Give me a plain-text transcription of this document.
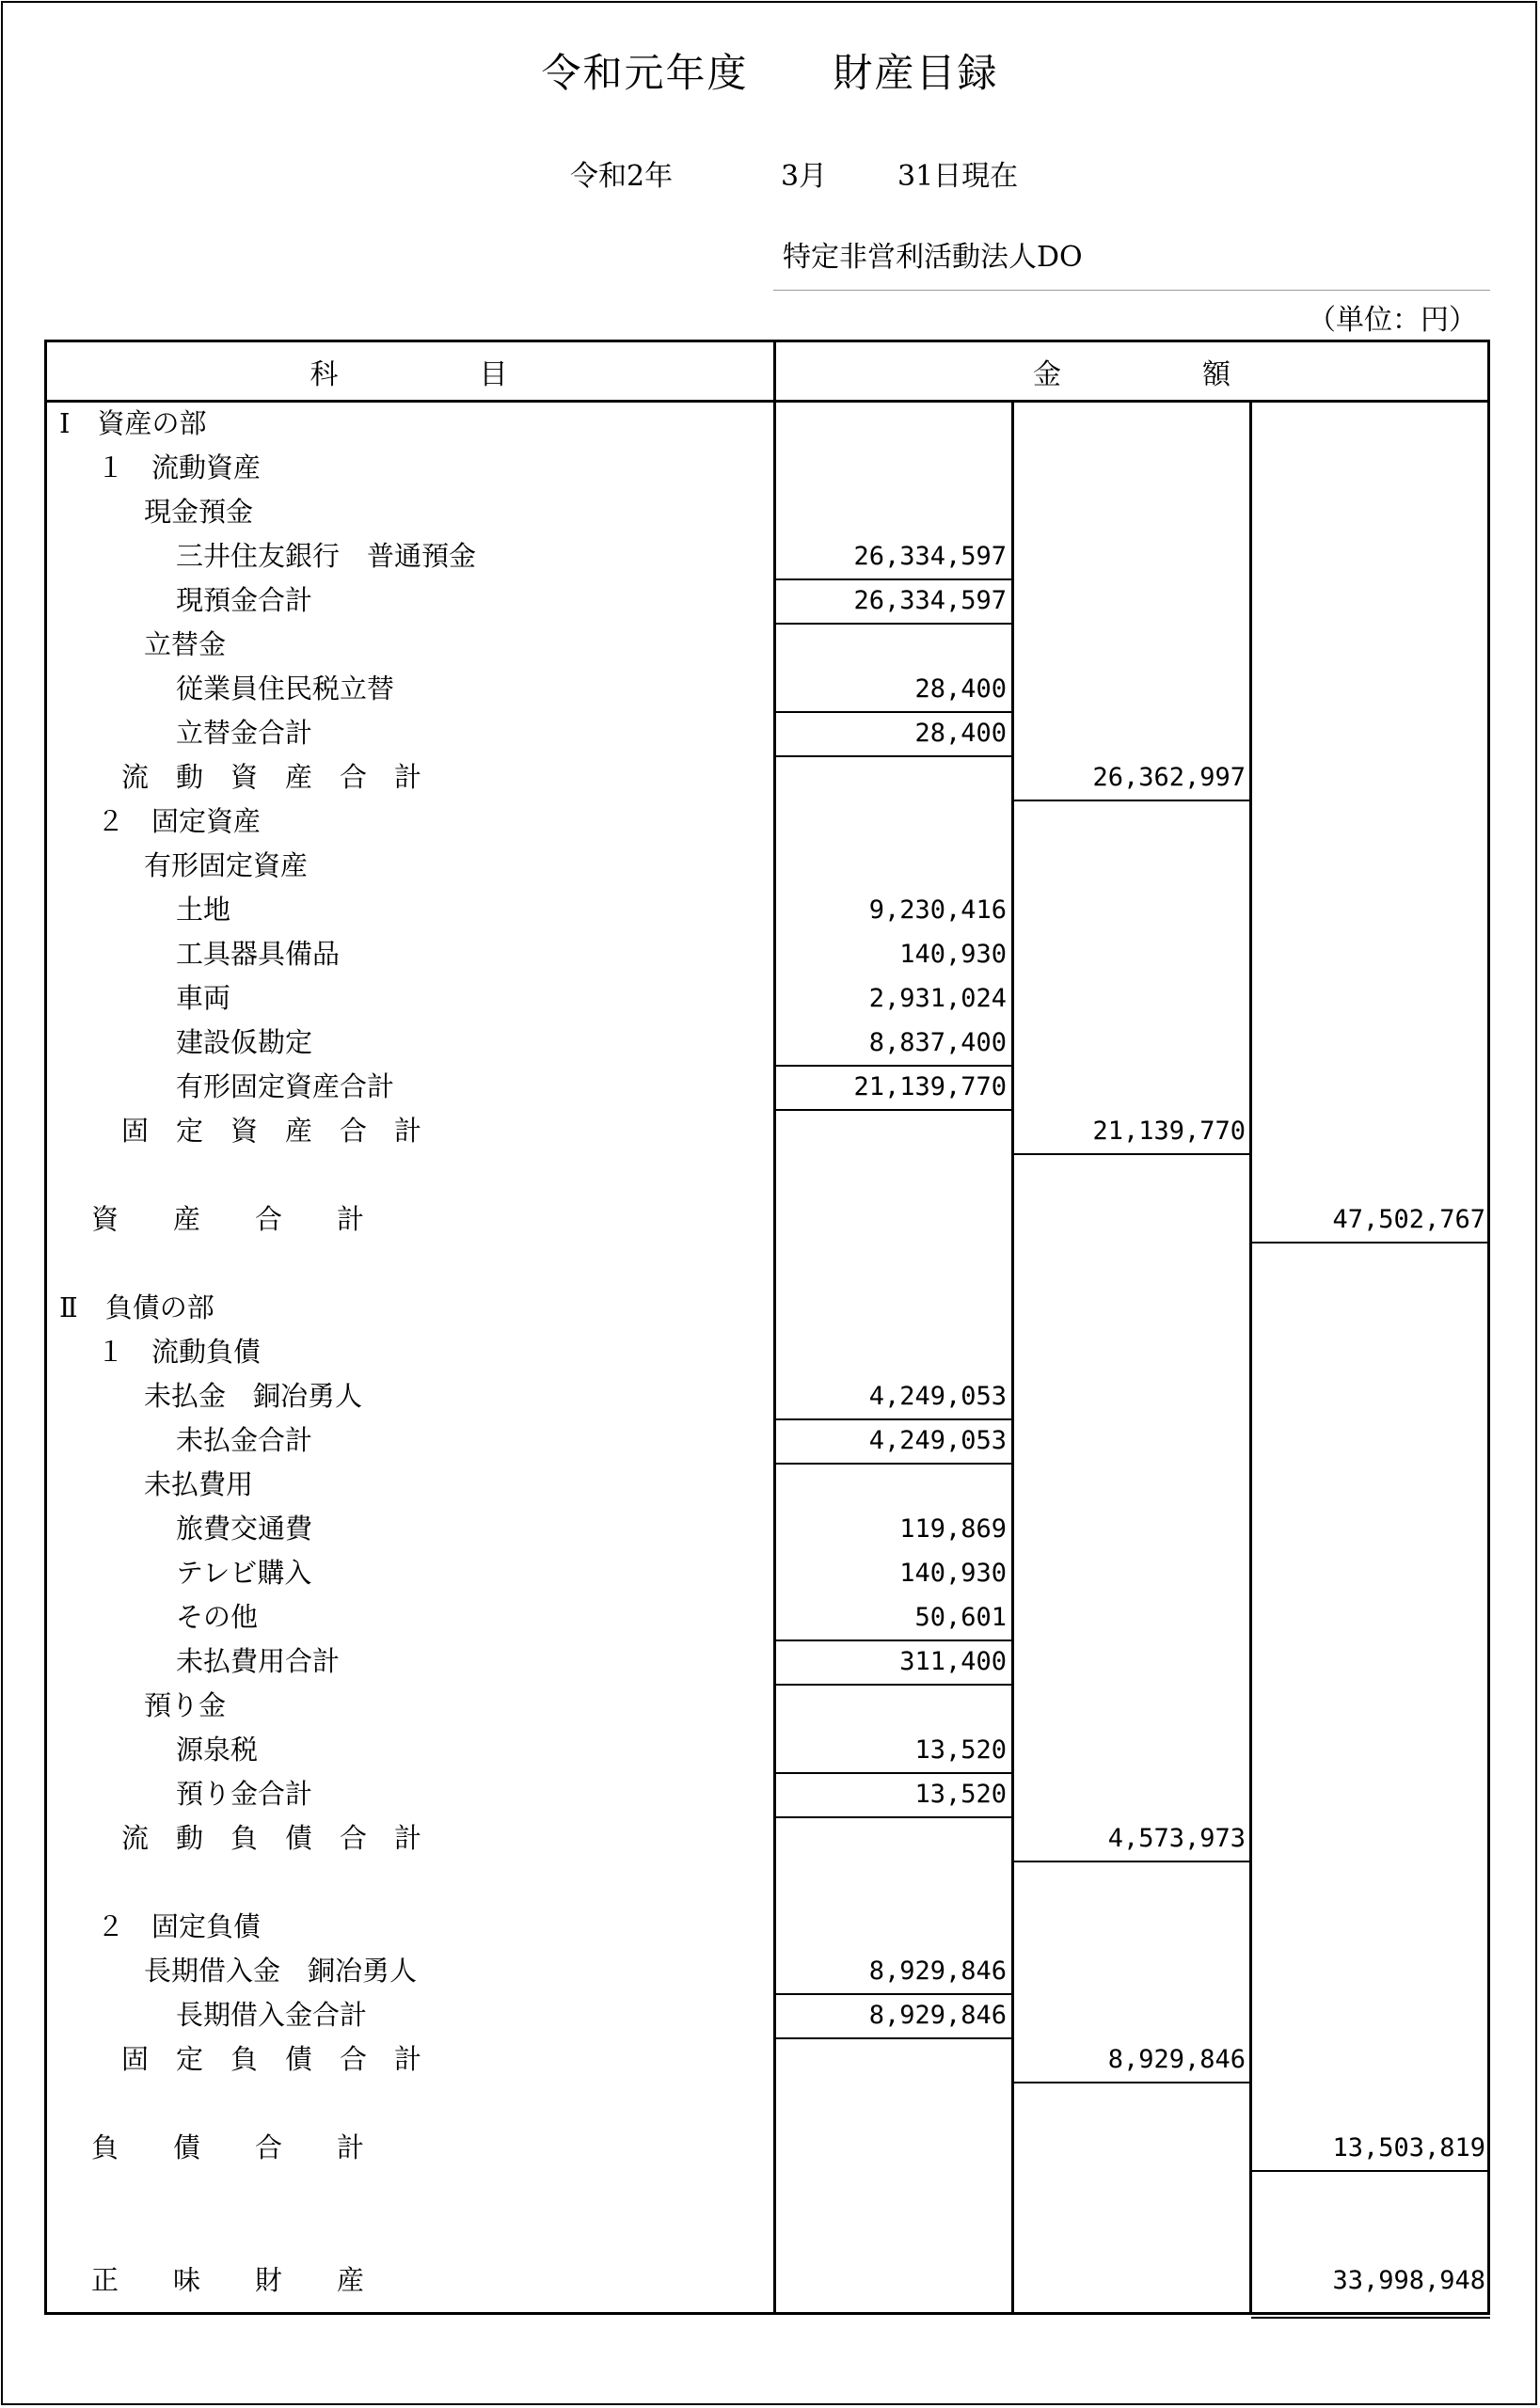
令和元年度 財産目録
令和2年	3月 31日現在
特定非営利活動法人DO
（単位：円）
科　　　　　目	金　　　　　額
Ⅰ　資産の部
１　流動資産
現金預金
三井住友銀行　普通預金	26,334,597
現預金合計	26,334,597
立替金
従業員住民税立替	28,400
立替金合計	28,400
流　動　資　産　合　計	26,362,997
２　固定資産
有形固定資産
土地	9,230,416
工具器具備品	140,930
車両	2,931,024
建設仮勘定	8,837,400
有形固定資産合計	21,139,770
固　定　資　産　合　計	21,139,770
資　　産　　合　　計	47,502,767
Ⅱ　負債の部
１　流動負債
未払金　銅冶勇人	4,249,053
未払金合計	4,249,053
未払費用
旅費交通費	119,869
テレビ購入	140,930
その他	50,601
未払費用合計	311,400
預り金
源泉税	13,520
預り金合計	13,520
流　動　負　債　合　計	4,573,973
２　固定負債
長期借入金　銅冶勇人	8,929,846
長期借入金合計	8,929,846
固　定　負　債　合　計	8,929,846
負　　債　　合　　計	13,503,819
正　　味　　財　　産	33,998,948
